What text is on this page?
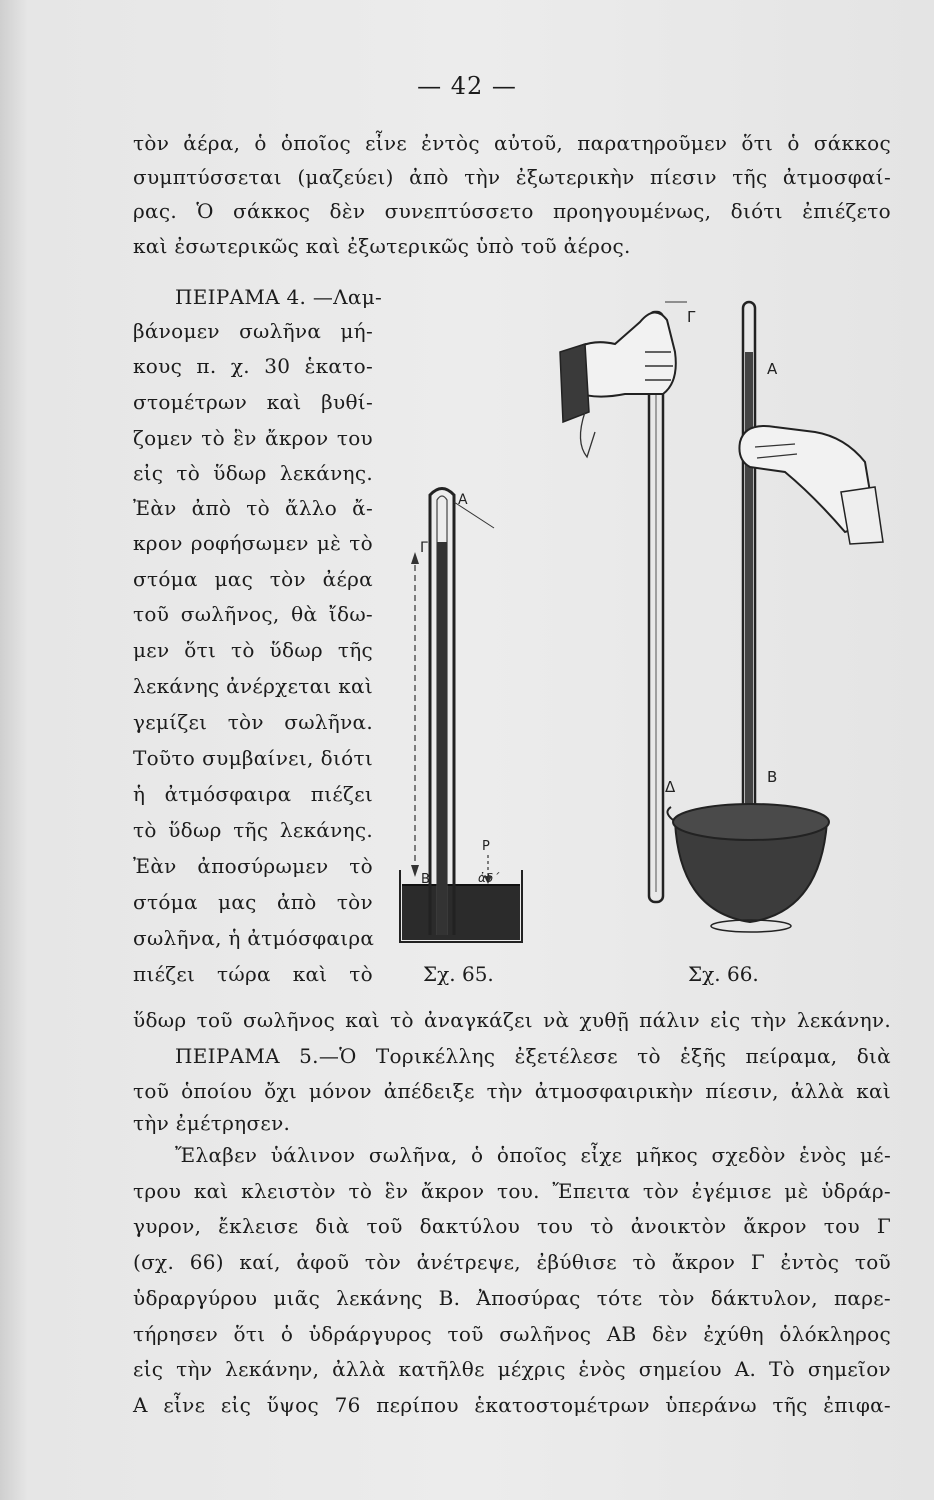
— 42 —
τὸν ἀέρα, ὁ ὁποῖος εἶνε ἐντὸς αὐτοῦ, παρατηροῦμεν ὅτι ὁ σάκκος
συμπτύσσεται (μαζεύει) ἀπὸ τὴν ἐξωτερικὴν πίεσιν τῆς ἀτμοσφαί-
ρας. Ὁ σάκκος δὲν συνεπτύσσετο προηγουμένως, διότι ἐπιέζετο
καὶ ἐσωτερικῶς καὶ ἐξωτερικῶς ὑπὸ τοῦ ἀέρος.
ΠΕΙΡΑΜΑ 4. —Λαμ-
βάνομεν σωλῆνα μή-
κους π. χ. 30 ἑκατο-
στομέτρων καὶ βυθί-
ζομεν τὸ ἓν ἄκρον του
εἰς τὸ ὕδωρ λεκάνης.
Ἐὰν ἀπὸ τὸ ἄλλο ἄ-
κρον ροφήσωμεν μὲ τὸ
στόμα μας τὸν ἀέρα
τοῦ σωλῆνος, θὰ ἴδω-
μεν ὅτι τὸ ὕδωρ τῆς
λεκάνης ἀνέρχεται καὶ
γεμίζει τὸν σωλῆνα.
Τοῦτο συμβαίνει, διότι
ἡ ἀτμόσφαιρα πιέζει
τὸ ὕδωρ τῆς λεκάνης.
Ἐὰν ἀποσύρωμεν τὸ
στόμα μας ἀπὸ τὸν
σωλῆνα, ἡ ἀτμόσφαιρα
πιέζει τώρα καὶ τὸ
Α
Γ
Β
Ρ
ἀδ΄
Σχ. 65.
Γ
Α
Δ
Β
Σχ. 66.
ὕδωρ τοῦ σωλῆνος καὶ τὸ ἀναγκάζει νὰ χυθῇ πάλιν εἰς τὴν λεκάνην.
ΠΕΙΡΑΜΑ 5.—Ὁ Τορικέλλης ἐξετέλεσε τὸ ἑξῆς πείραμα, διὰ
τοῦ ὁποίου ὄχι μόνον ἀπέδειξε τὴν ἀτμοσφαιρικὴν πίεσιν, ἀλλὰ καὶ
τὴν ἐμέτρησεν.
Ἔλαβεν ὑάλινον σωλῆνα, ὁ ὁποῖος εἶχε μῆκος σχεδὸν ἑνὸς μέ-
τρου καὶ κλειστὸν τὸ ἓν ἄκρον του. Ἔπειτα τὸν ἐγέμισε μὲ ὑδράρ-
γυρον, ἔκλεισε διὰ τοῦ δακτύλου του τὸ ἀνοικτὸν ἄκρον του Γ
(σχ. 66) καί, ἀφοῦ τὸν ἀνέτρεψε, ἐβύθισε τὸ ἄκρον Γ ἐντὸς τοῦ
ὑδραργύρου μιᾶς λεκάνης Β. Ἀποσύρας τότε τὸν δάκτυλον, παρε-
τήρησεν ὅτι ὁ ὑδράργυρος τοῦ σωλῆνος ΑΒ δὲν ἐχύθη ὁλόκληρος
εἰς τὴν λεκάνην, ἀλλὰ κατῆλθε μέχρις ἑνὸς σημείου Α. Τὸ σημεῖον
Α εἶνε εἰς ὕψος 76 περίπου ἑκατοστομέτρων ὑπεράνω τῆς ἐπιφα-
